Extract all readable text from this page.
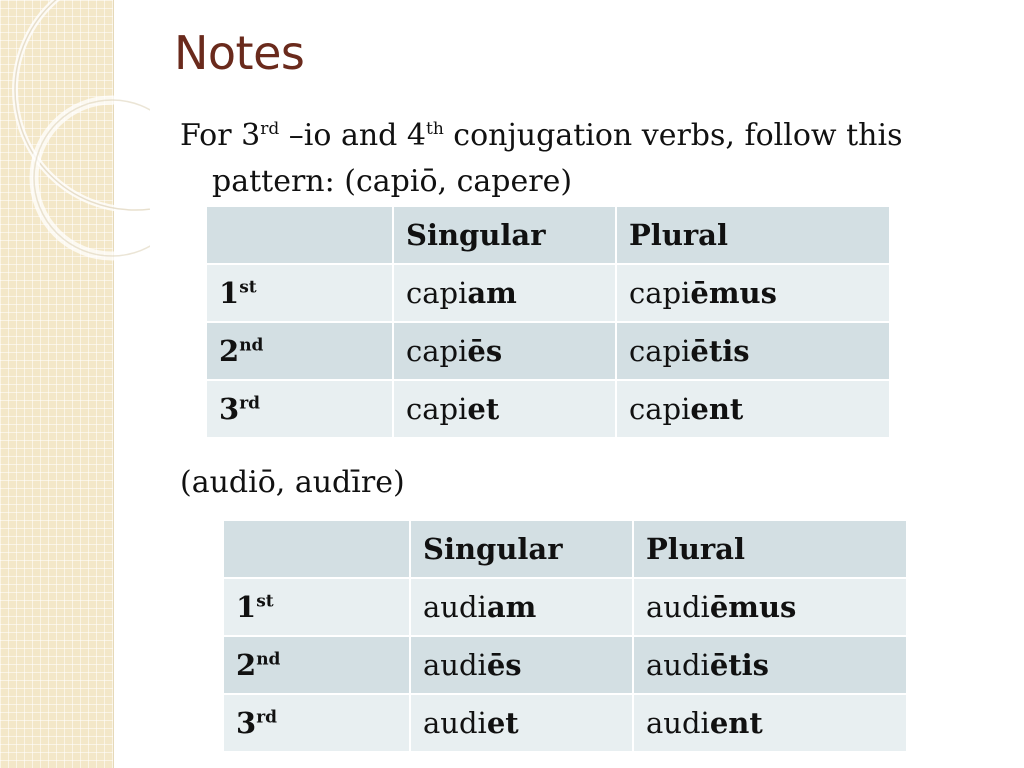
Notes
For 3rd –io and 4th conjugation verbs, follow this pattern: (capiō, capere)
	Singular	Plural
1st	capiam	capiēmus
2nd	capiēs	capiētis
3rd	capiet	capient
(audiō, audīre)
	Singular	Plural
1st	audiam	audiēmus
2nd	audiēs	audiētis
3rd	audiet	audient
